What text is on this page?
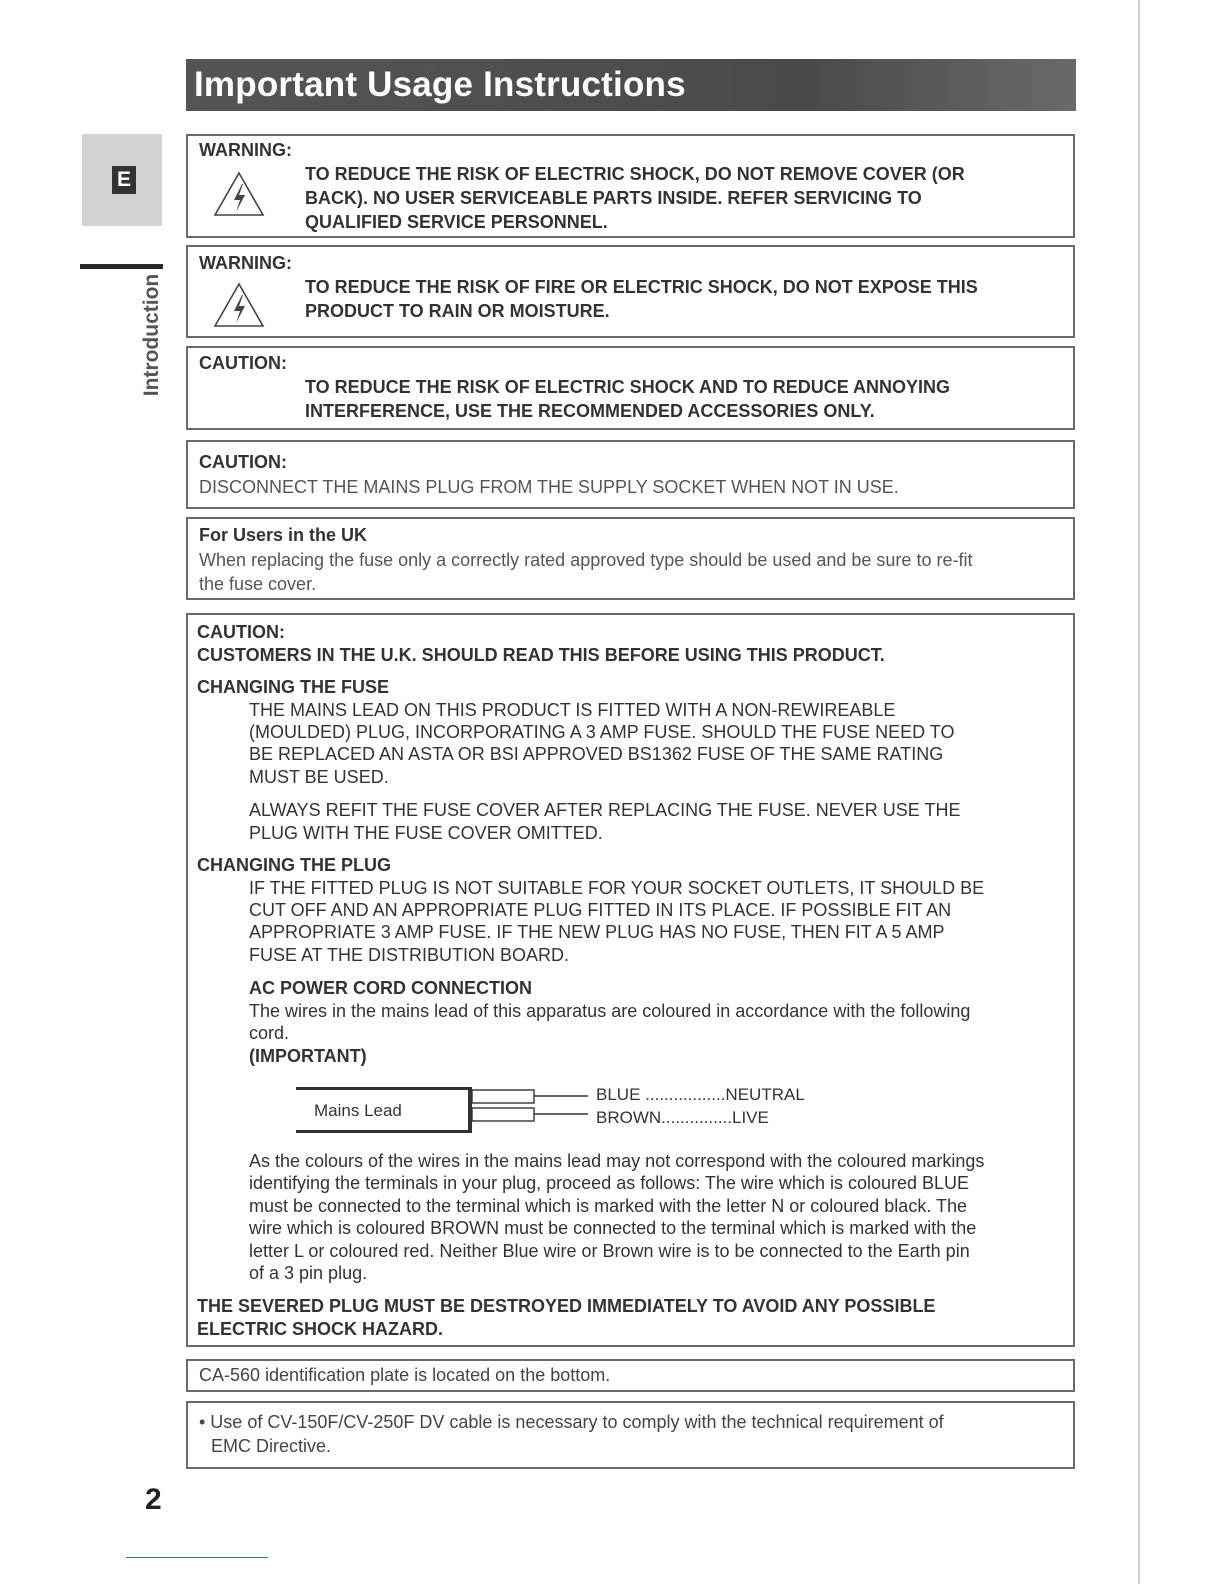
Important Usage Instructions
E
Introduction
WARNING:
TO REDUCE THE RISK OF ELECTRIC SHOCK, DO NOT REMOVE COVER (OR
BACK). NO USER SERVICEABLE PARTS INSIDE. REFER SERVICING TO
QUALIFIED SERVICE PERSONNEL.
WARNING:
TO REDUCE THE RISK OF FIRE OR ELECTRIC SHOCK, DO NOT EXPOSE THIS
PRODUCT TO RAIN OR MOISTURE.
CAUTION:
TO REDUCE THE RISK OF ELECTRIC SHOCK AND TO REDUCE ANNOYING
INTERFERENCE, USE THE RECOMMENDED ACCESSORIES ONLY.
CAUTION:
DISCONNECT THE MAINS PLUG FROM THE SUPPLY SOCKET WHEN NOT IN USE.
For Users in the UK
When replacing the fuse only a correctly rated approved type should be used and be sure to re-fit
the fuse cover.
CAUTION:
CUSTOMERS IN THE U.K. SHOULD READ THIS BEFORE USING THIS PRODUCT.
CHANGING THE FUSE
THE MAINS LEAD ON THIS PRODUCT IS FITTED WITH A NON-REWIREABLE
(MOULDED) PLUG, INCORPORATING A 3 AMP FUSE. SHOULD THE FUSE NEED TO
BE REPLACED AN ASTA OR BSI APPROVED BS1362 FUSE OF THE SAME RATING
MUST BE USED.
ALWAYS REFIT THE FUSE COVER AFTER REPLACING THE FUSE. NEVER USE THE
PLUG WITH THE FUSE COVER OMITTED.
CHANGING THE PLUG
IF THE FITTED PLUG IS NOT SUITABLE FOR YOUR SOCKET OUTLETS, IT SHOULD BE
CUT OFF AND AN APPROPRIATE PLUG FITTED IN ITS PLACE. IF POSSIBLE FIT AN
APPROPRIATE 3 AMP FUSE. IF THE NEW PLUG HAS NO FUSE, THEN FIT A 5 AMP
FUSE AT THE DISTRIBUTION BOARD.
AC POWER CORD CONNECTION
The wires in the mains lead of this apparatus are coloured in accordance with the following
cord.
(IMPORTANT)
Mains Lead
BLUE .................NEUTRAL
BROWN...............LIVE
As the colours of the wires in the mains lead may not correspond with the coloured markings
identifying the terminals in your plug, proceed as follows: The wire which is coloured BLUE
must be connected to the terminal which is marked with the letter N or coloured black. The
wire which is coloured BROWN must be connected to the terminal which is marked with the
letter L or coloured red. Neither Blue wire or Brown wire is to be connected to the Earth pin
of a 3 pin plug.
THE SEVERED PLUG MUST BE DESTROYED IMMEDIATELY TO AVOID ANY POSSIBLE
ELECTRIC SHOCK HAZARD.
CA-560 identification plate is located on the bottom.
• Use of CV-150F/CV-250F DV cable is necessary to comply with the technical requirement of
EMC Directive.
2
